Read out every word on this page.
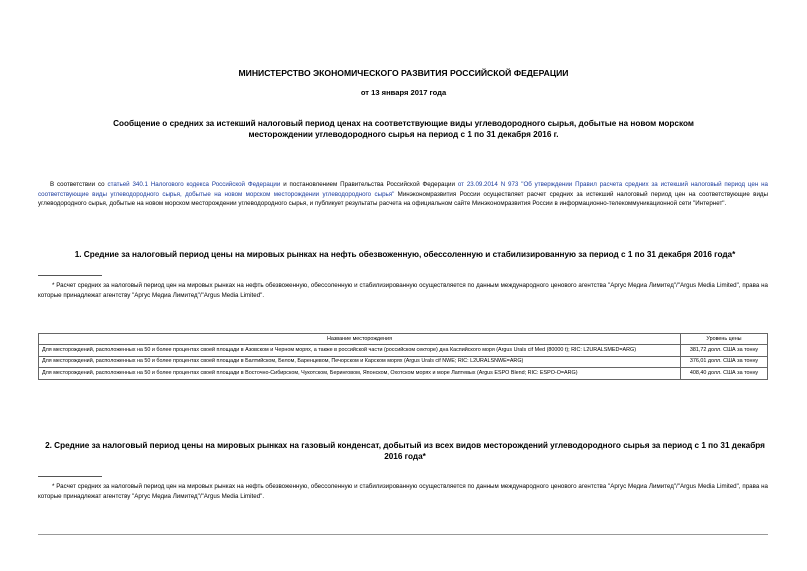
МИНИСТЕРСТВО ЭКОНОМИЧЕСКОГО РАЗВИТИЯ РОССИЙСКОЙ ФЕДЕРАЦИИ
от 13 января 2017 года
Сообщение о средних за истекший налоговый период ценах на соответствующие виды углеводородного сырья, добытые на новом морском месторождении углеводородного сырья на период с 1 по 31 декабря 2016 г.
В соответствии со статьей 340.1 Налогового кодекса Российской Федерации и постановлением Правительства Российской Федерации от 23.09.2014 N 973 "Об утверждении Правил расчета средних за истекший налоговый период цен на соответствующие виды углеводородного сырья, добытые на новом морском месторождении углеводородного сырья" Минэкономразвития России осуществляет расчет средних за истекший налоговый период цен на соответствующие виды углеводородного сырья, добытые на новом морском месторождении углеводородного сырья, и публикует результаты расчета на официальном сайте Минэкономразвития России в информационно-телекоммуникационной сети "Интернет".
1. Средние за налоговый период цены на мировых рынках на нефть обезвоженную, обессоленную и стабилизированную за период с 1 по 31 декабря 2016 года*
* Расчет средних за налоговый период цен на мировых рынках на нефть обезвоженную, обессоленную и стабилизированную осуществляется по данным международного ценового агентства "Аргус Медиа Лимитед"/"Argus Media Limited", права на которые принадлежат агентству "Аргус Медиа Лимитед"/"Argus Media Limited".
Название месторождения	Уровень цены
Для месторождений, расположенных на 50 и более процентах своей площади в Азовском и Черном морях, а также в российской части (российском секторе) дна Каспийского моря (Argus Urals cif Med (80000 t); RIC: L2URALSMED=ARG)	381,72 долл. США за тонну
Для месторождений, расположенных на 50 и более процентах своей площади в Балтийском, Белом, Баренцевом, Печорском и Карском морях (Argus Urals cif NWE; RIC: L2URALSNWE=ARG)	376,01 долл. США за тонну
Для месторождений, расположенных на 50 и более процентах своей площади в Восточно-Сибирском, Чукотском, Беринговом, Японском, Охотском морях и море Лаптевых (Argus ESPO Blend; RIC: ESPO-O=ARG)	408,40 долл. США за тонну
2. Средние за налоговый период цены на мировых рынках на газовый конденсат, добытый из всех видов месторождений углеводородного сырья за период с 1 по 31 декабря 2016 года*
* Расчет средних за налоговый период цен на мировых рынках на нефть обезвоженную, обессоленную и стабилизированную осуществляется по данным международного ценового агентства "Аргус Медиа Лимитед"/"Argus Media Limited", права на которые принадлежат агентству "Аргус Медиа Лимитед"/"Argus Media Limited".
